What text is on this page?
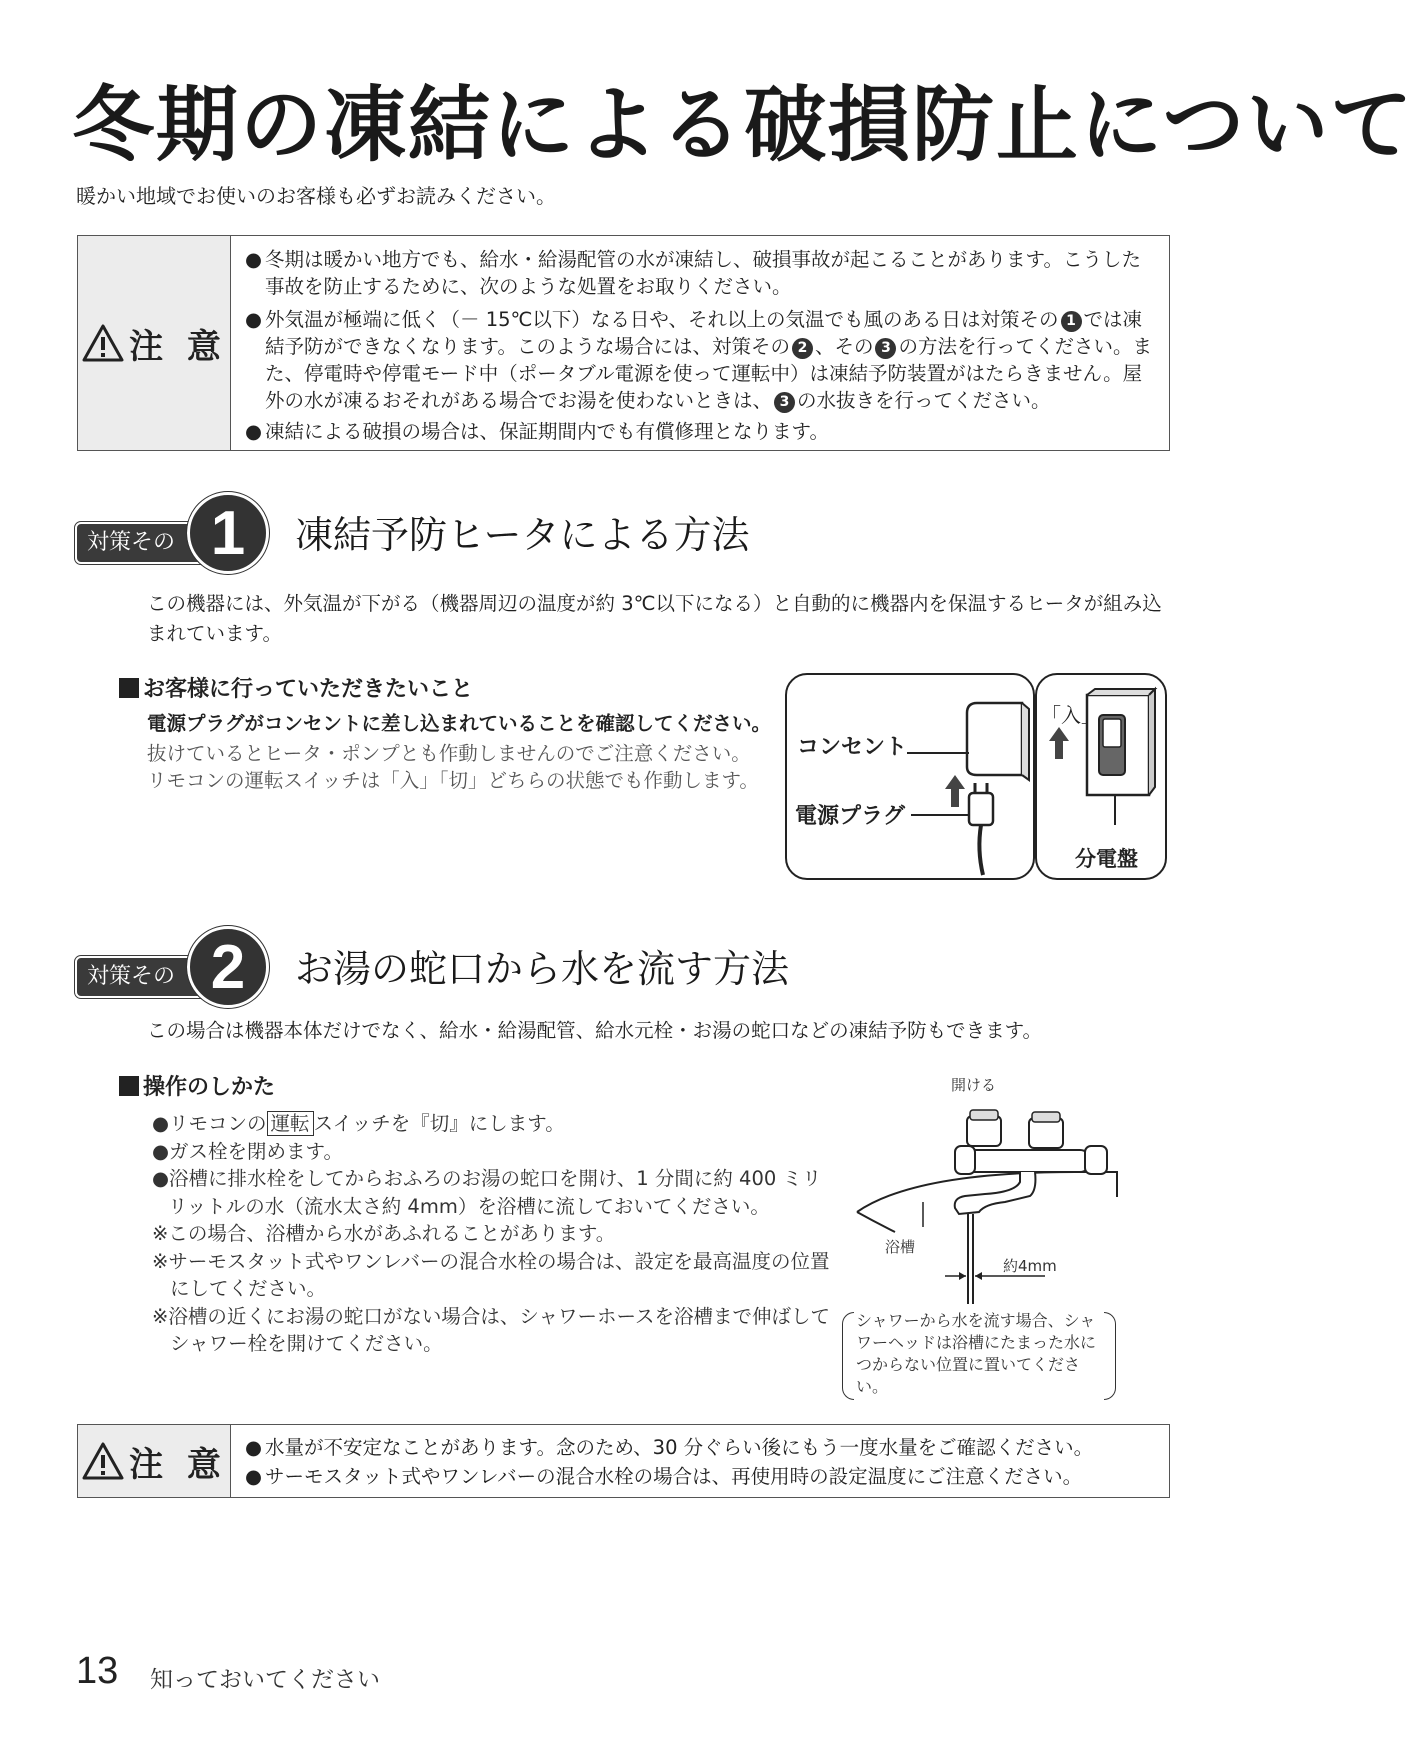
冬期の凍結による破損防止について
暖かい地域でお使いのお客様も必ずお読みください。
注 意
● 冬期は暖かい地方でも、給水・給湯配管の水が凍結し、破損事故が起こることがあります。こうした事故を防止するために、次のような処置をお取りください。
● 外気温が極端に低く（－ 15℃以下）なる日や、それ以上の気温でも風のある日は対策その 1 では凍結予防ができなくなります。このような場合には、対策その 2 、その 3 の方法を行ってください。また、停電時や停電モード中（ポータブル電源を使って運転中）は凍結予防装置がはたらきません。屋外の水が凍るおそれがある場合でお湯を使わないときは、 3 の水抜きを行ってください。
● 凍結による破損の場合は、保証期間内でも有償修理となります。
対策その 1	凍結予防ヒータによる方法
この機器には、外気温が下がる（機器周辺の温度が約 3℃以下になる）と自動的に機器内を保温するヒータが組み込まれています。
お客様に行っていただきたいこと
電源プラグがコンセントに差し込まれていることを確認してください。
抜けているとヒータ・ポンプとも作動しませんのでご注意ください。
リモコンの運転スイッチは「入」「切」どちらの状態でも作動します。
コンセント
電源プラグ
「入」
分電盤
対策その 2	お湯の蛇口から水を流す方法
この場合は機器本体だけでなく、給水・給湯配管、給水元栓・お湯の蛇口などの凍結予防もできます。
操作のしかた
●リモコンの 運転 スイッチを『切』にします。
●ガス栓を閉めます。
●浴槽に排水栓をしてからおふろのお湯の蛇口を開け、1 分間に約 400 ミリリットルの水（流水太さ約 4mm）を浴槽に流しておいてください。
※この場合、浴槽から水があふれることがあります。
※サーモスタット式やワンレバーの混合水栓の場合は、設定を最高温度の位置にしてください。
※浴槽の近くにお湯の蛇口がない場合は、シャワーホースを浴槽まで伸ばしてシャワー栓を開けてください。
開ける
浴槽
約4mm
シャワーから水を流す場合、シャワーヘッドは浴槽にたまった水につからない位置に置いてください。
注 意 ● 水量が不安定なことがあります。念のため、30 分ぐらい後にもう一度水量をご確認ください。
● サーモスタット式やワンレバーの混合水栓の場合は、再使用時の設定温度にご注意ください。
13 知っておいてください
